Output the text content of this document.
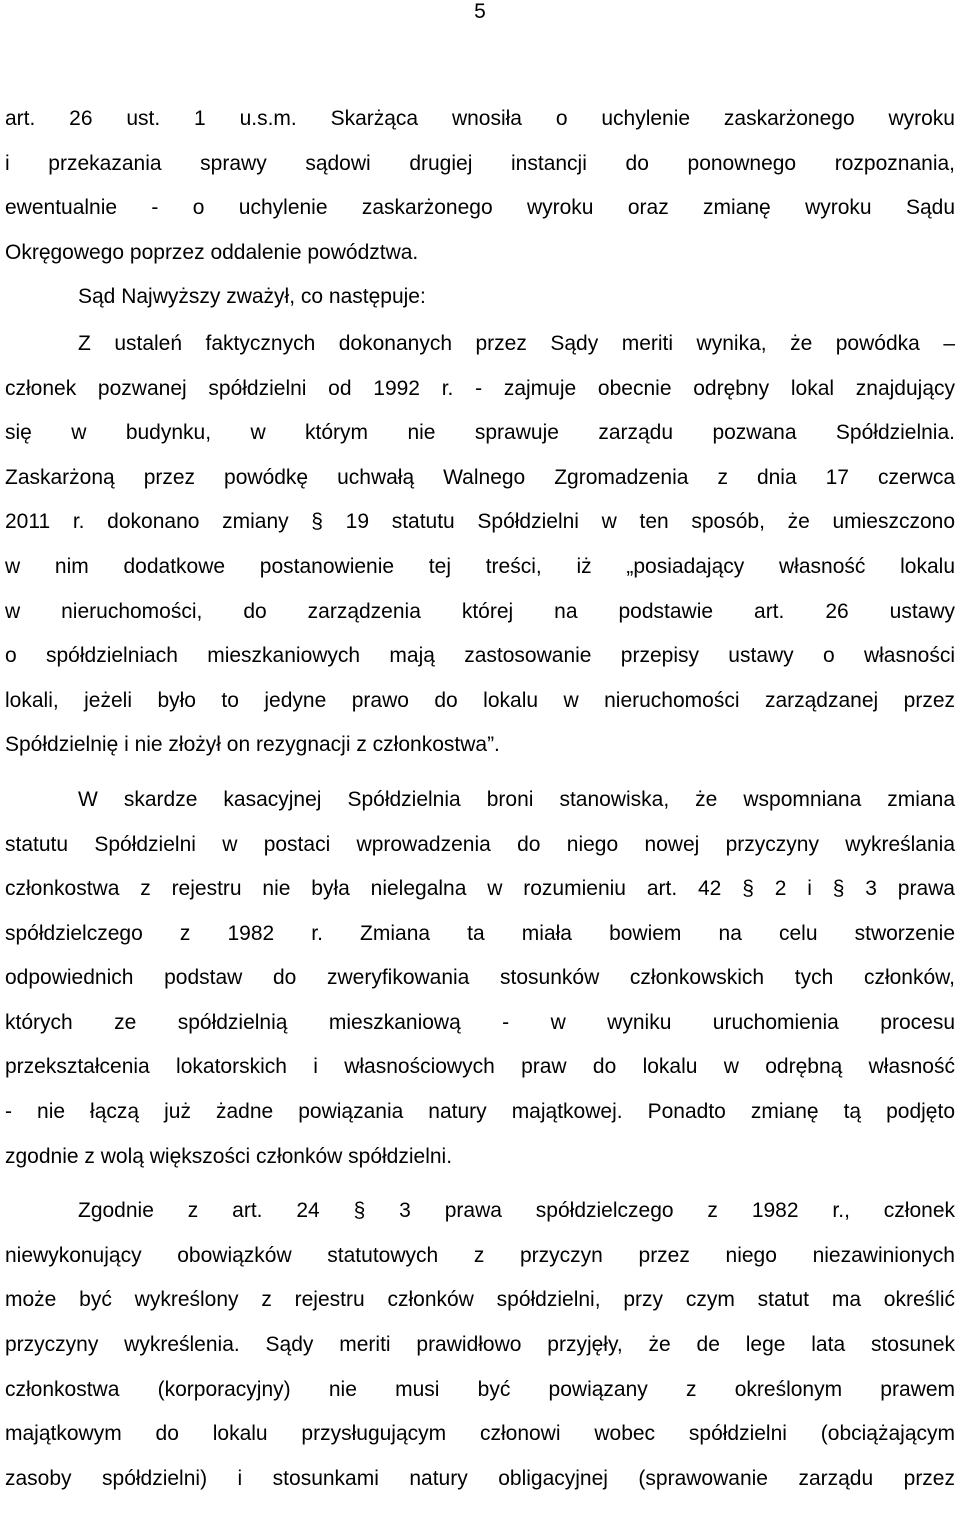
5

art. 26 ust. 1 u.s.m. Skarżąca wnosiła o uchylenie zaskarżonego wyroku
i przekazania sprawy sądowi drugiej instancji do ponownego rozpoznania,
ewentualnie - o uchylenie zaskarżonego wyroku oraz zmianę wyroku Sądu
Okręgowego poprzez oddalenie powództwa.

Sąd Najwyższy zważył, co następuje:

Z ustaleń faktycznych dokonanych przez Sądy meriti wynika, że powódka –
członek pozwanej spółdzielni od 1992 r. - zajmuje obecnie odrębny lokal znajdujący
się w budynku, w którym nie sprawuje zarządu pozwana Spółdzielnia.
Zaskarżoną przez powódkę uchwałą Walnego Zgromadzenia z dnia 17 czerwca
2011 r. dokonano zmiany § 19 statutu Spółdzielni w ten sposób, że umieszczono
w nim dodatkowe postanowienie tej treści, iż „posiadający własność lokalu
w nieruchomości, do zarządzenia której na podstawie art. 26 ustawy
o spółdzielniach mieszkaniowych mają zastosowanie przepisy ustawy o własności
lokali, jeżeli było to jedyne prawo do lokalu w nieruchomości zarządzanej przez
Spółdzielnię i nie złożył on rezygnacji z członkostwa”.

W skardze kasacyjnej Spółdzielnia broni stanowiska, że wspomniana zmiana
statutu Spółdzielni w postaci wprowadzenia do niego nowej przyczyny wykreślania
członkostwa z rejestru nie była nielegalna w rozumieniu art. 42 § 2 i § 3 prawa
spółdzielczego z 1982 r. Zmiana ta miała bowiem na celu stworzenie
odpowiednich podstaw do zweryfikowania stosunków członkowskich tych członków,
których ze spółdzielnią mieszkaniową - w wyniku uruchomienia procesu
przekształcenia lokatorskich i własnościowych praw do lokalu w odrębną własność
- nie łączą już żadne powiązania natury majątkowej. Ponadto zmianę tą podjęto
zgodnie z wolą większości członków spółdzielni.

Zgodnie z art. 24 § 3 prawa spółdzielczego z 1982 r., członek
niewykonujący obowiązków statutowych z przyczyn przez niego niezawinionych
może być wykreślony z rejestru członków spółdzielni, przy czym statut ma określić
przyczyny wykreślenia. Sądy meriti prawidłowo przyjęły, że de lege lata stosunek
członkostwa (korporacyjny) nie musi być powiązany z określonym prawem
majątkowym do lokalu przysługującym członowi wobec spółdzielni (obciążającym
zasoby spółdzielni) i stosunkami natury obligacyjnej (sprawowanie zarządu przez
